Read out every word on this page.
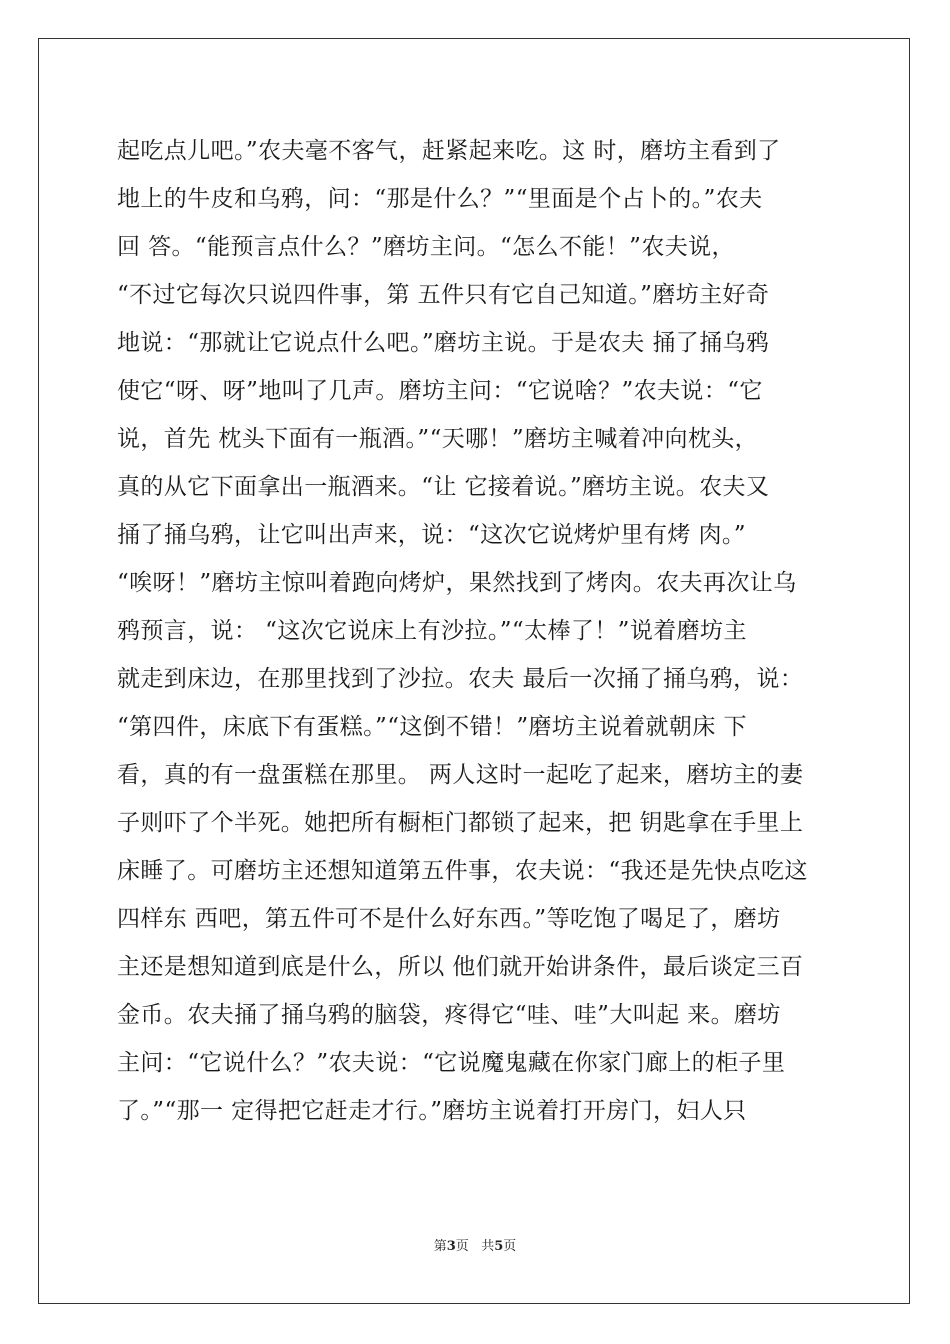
起吃点儿吧。”农夫毫不客气，赶紧起来吃。这 时，磨坊主看到了
地上的牛皮和乌鸦，问：“那是什么？”“里面是个占卜的。”农夫
回 答。“能预言点什么？”磨坊主问。“怎么不能！”农夫说，
“不过它每次只说四件事，第 五件只有它自己知道。”磨坊主好奇
地说：“那就让它说点什么吧。”磨坊主说。于是农夫 捅了捅乌鸦
使它“呀、呀”地叫了几声。磨坊主问：“它说啥？”农夫说：“它
说，首先 枕头下面有一瓶酒。”“天哪！”磨坊主喊着冲向枕头，
真的从它下面拿出一瓶酒来。“让 它接着说。”磨坊主说。农夫又
捅了捅乌鸦，让它叫出声来，说：“这次它说烤炉里有烤 肉。”
“唉呀！”磨坊主惊叫着跑向烤炉，果然找到了烤肉。农夫再次让乌
鸦预言，说： “这次它说床上有沙拉。”“太棒了！”说着磨坊主
就走到床边，在那里找到了沙拉。农夫 最后一次捅了捅乌鸦，说：
“第四件，床底下有蛋糕。”“这倒不错！”磨坊主说着就朝床 下
看，真的有一盘蛋糕在那里。 两人这时一起吃了起来，磨坊主的妻
子则吓了个半死。她把所有橱柜门都锁了起来，把 钥匙拿在手里上
床睡了。可磨坊主还想知道第五件事，农夫说：“我还是先快点吃这
四样东 西吧，第五件可不是什么好东西。”等吃饱了喝足了，磨坊
主还是想知道到底是什么，所以 他们就开始讲条件，最后谈定三百
金币。农夫捅了捅乌鸦的脑袋，疼得它“哇、哇”大叫起 来。磨坊
主问：“它说什么？”农夫说：“它说魔鬼藏在你家门廊上的柜子里
了。”“那一 定得把它赶走才行。”磨坊主说着打开房门，妇人只
第3页 共5页
